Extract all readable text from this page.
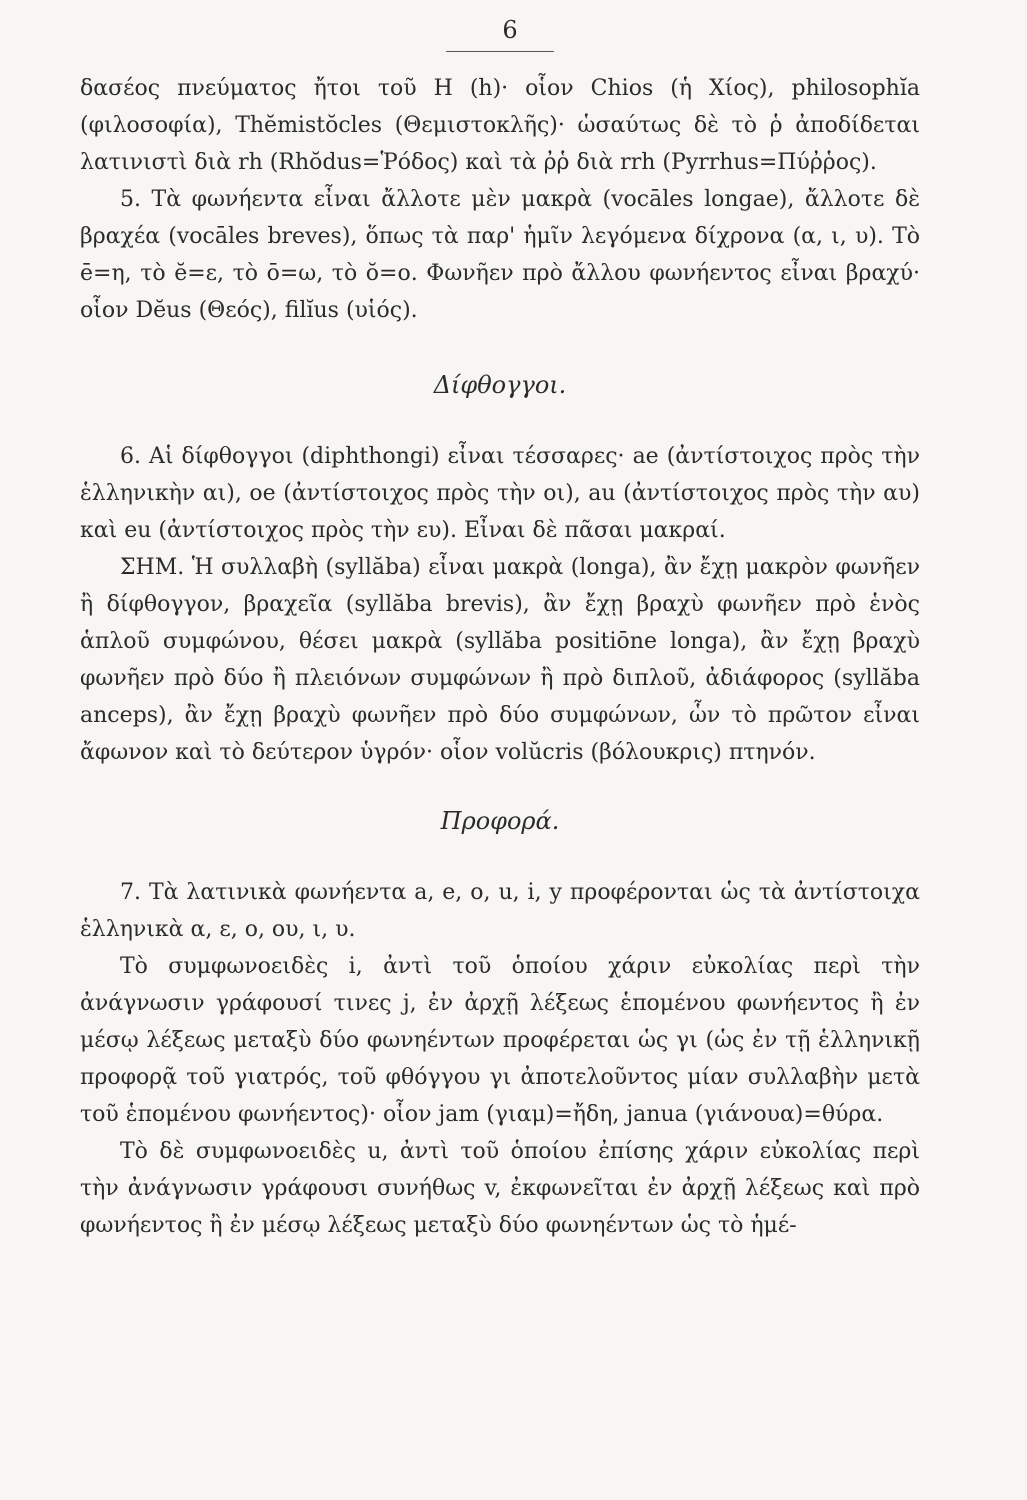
6

δασέος πνεύματος ἤτοι τοῦ H (h)· οἷον Chios (ἡ Χίος), philosophĭa (φιλοσοφία), Thĕmistŏcles (Θεμιστοκλῆς)· ὡσαύτως δὲ τὸ ῥ ἀποδίδεται λατινιστὶ διὰ rh (Rhŏdus=Ῥόδος) καὶ τὰ ῤῥ διὰ rrh (Pyrrhus=Πύῤῥος).

5. Τὰ φωνήεντα εἶναι ἄλλοτε μὲν μακρὰ (vocāles longae), ἄλλοτε δὲ βραχέα (vocāles breves), ὅπως τὰ παρ' ἡμῖν λεγόμενα δίχρονα (α, ι, υ). Τὸ ē=η, τὸ ĕ=ε, τὸ ō=ω, τὸ ŏ=ο. Φωνῆεν πρὸ ἄλλου φωνήεντος εἶναι βραχύ· οἷον Dĕus (Θεός), filĭus (υἱός).

Δίφθογγοι.

6. Αἱ δίφθογγοι (diphthongi) εἶναι τέσσαρες· ae (ἀντίστοιχος πρὸς τὴν ἑλληνικὴν αι), oe (ἀντίστοιχος πρὸς τὴν οι), au (ἀντίστοιχος πρὸς τὴν αυ) καὶ eu (ἀντίστοιχος πρὸς τὴν ευ). Εἶναι δὲ πᾶσαι μακραί.

ΣΗΜ. Ἡ συλλαβὴ (syllăba) εἶναι μακρὰ (longa), ἂν ἔχῃ μακρὸν φωνῆεν ἢ δίφθογγον, βραχεῖα (syllăba brevis), ἂν ἔχῃ βραχὺ φωνῆεν πρὸ ἑνὸς ἁπλοῦ συμφώνου, θέσει μακρὰ (syllăba positiōne longa), ἂν ἔχῃ βραχὺ φωνῆεν πρὸ δύο ἢ πλειόνων συμφώνων ἢ πρὸ διπλοῦ, ἀδιάφορος (syllăba anceps), ἂν ἔχῃ βραχὺ φωνῆεν πρὸ δύο συμφώνων, ὧν τὸ πρῶτον εἶναι ἄφωνον καὶ τὸ δεύτερον ὑγρόν· οἷον volŭcris (βόλουκρις) πτηνόν.

Προφορά.

7. Τὰ λατινικὰ φωνήεντα a, e, o, u, i, y προφέρονται ὡς τὰ ἀντίστοιχα ἑλληνικὰ α, ε, ο, ου, ι, υ.

Τὸ συμφωνοειδὲς i, ἀντὶ τοῦ ὁποίου χάριν εὐκολίας περὶ τὴν ἀνάγνωσιν γράφουσί τινες j, ἐν ἀρχῇ λέξεως ἑπομένου φωνήεντος ἢ ἐν μέσῳ λέξεως μεταξὺ δύο φωνηέντων προφέρεται ὡς γι (ὡς ἐν τῇ ἑλληνικῇ προφορᾷ τοῦ γιατρός, τοῦ φθόγγου γι ἀποτελοῦντος μίαν συλλαβὴν μετὰ τοῦ ἑπομένου φωνήεντος)· οἷον jam (γιαμ)=ἤδη, janua (γιάνουα)=θύρα.

Τὸ δὲ συμφωνοειδὲς u, ἀντὶ τοῦ ὁποίου ἐπίσης χάριν εὐκολίας περὶ τὴν ἀνάγνωσιν γράφουσι συνήθως v, ἐκφωνεῖται ἐν ἀρχῇ λέξεως καὶ πρὸ φωνήεντος ἢ ἐν μέσῳ λέξεως μεταξὺ δύο φωνηέντων ὡς τὸ ἡμέ-
